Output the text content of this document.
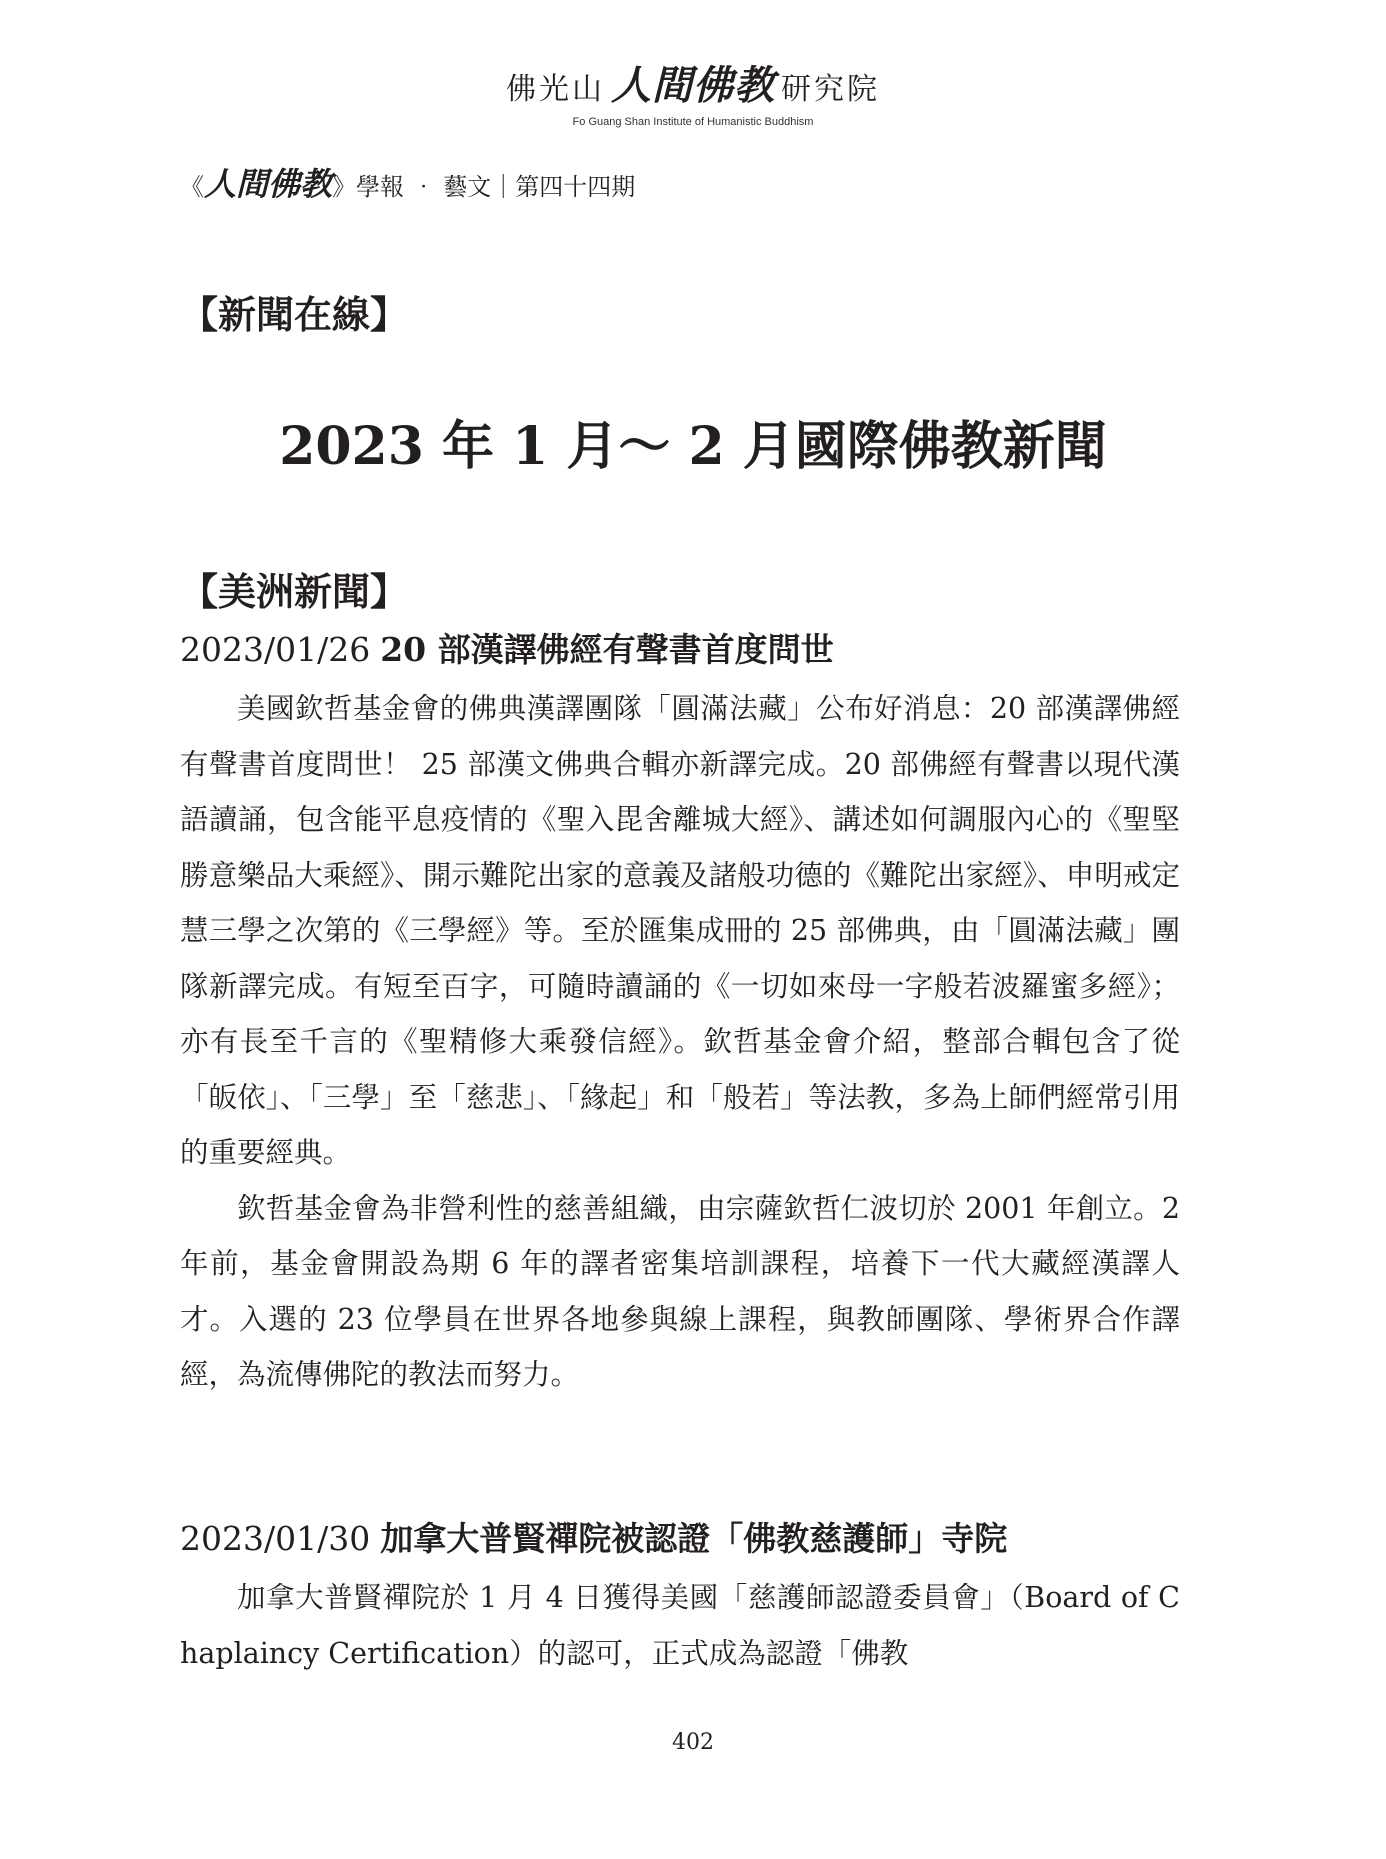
佛光山 人間佛教 研究院
Fo Guang Shan Institute of Humanistic Buddhism
《人間佛教》學報 ‧ 藝文｜第四十四期
【新聞在線】
2023 年 1 月～ 2 月國際佛教新聞
【美洲新聞】
2023/01/26 20 部漢譯佛經有聲書首度問世

美國欽哲基金會的佛典漢譯團隊「圓滿法藏」公布好消息：20 部漢譯佛經有聲書首度問世！ 25 部漢文佛典合輯亦新譯完成。20 部佛經有聲書以現代漢語讀誦，包含能平息疫情的《聖入毘舍離城大經》、講述如何調服內心的《聖堅勝意樂品大乘經》、開示難陀出家的意義及諸般功德的《難陀出家經》、申明戒定慧三學之次第的《三學經》等。至於匯集成冊的 25 部佛典，由「圓滿法藏」團隊新譯完成。有短至百字，可隨時讀誦的《一切如來母一字般若波羅蜜多經》；亦有長至千言的《聖精修大乘發信經》。欽哲基金會介紹，整部合輯包含了從「皈依」、「三學」至「慈悲」、「緣起」和「般若」等法教，多為上師們經常引用的重要經典。

欽哲基金會為非營利性的慈善組織，由宗薩欽哲仁波切於 2001 年創立。2 年前，基金會開設為期 6 年的譯者密集培訓課程，培養下一代大藏經漢譯人才。入選的 23 位學員在世界各地參與線上課程，與教師團隊、學術界合作譯經，為流傳佛陀的教法而努力。

2023/01/30 加拿大普賢禪院被認證「佛教慈護師」寺院

加拿大普賢禪院於 1 月 4 日獲得美國「慈護師認證委員會」（Board of Chaplaincy Certification）的認可，正式成為認證「佛教

402
